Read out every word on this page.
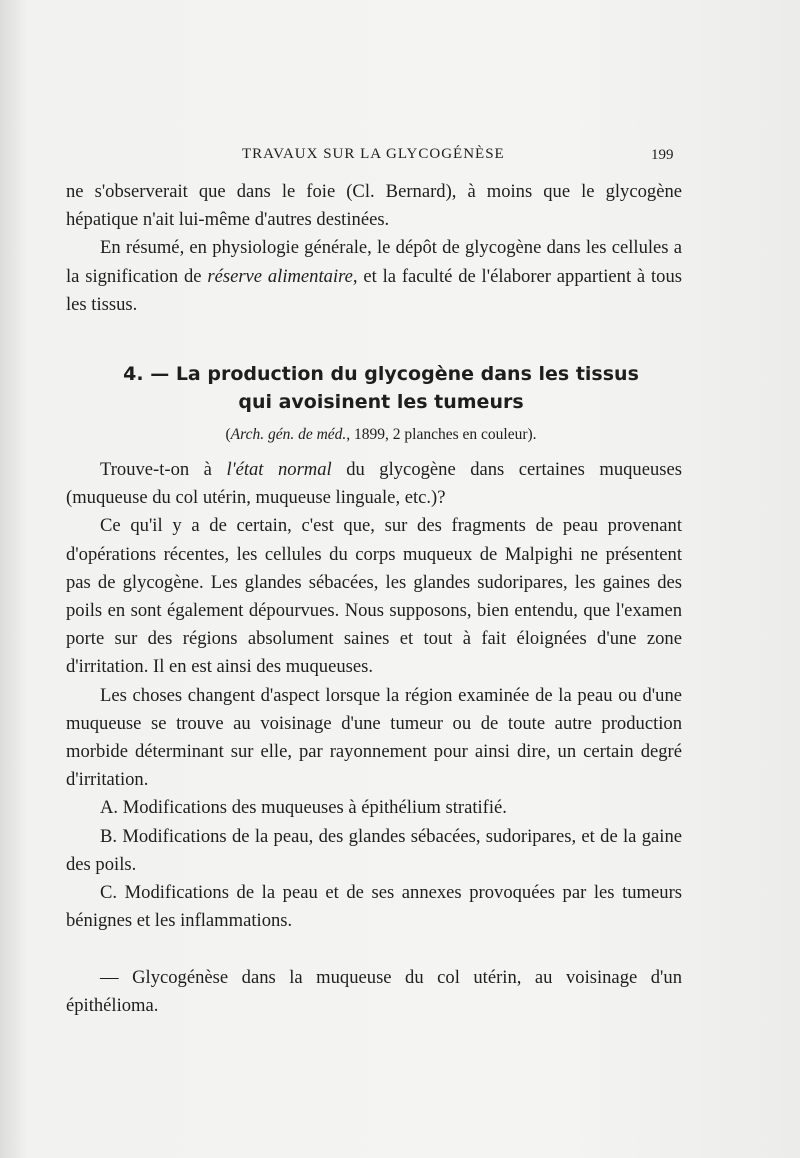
TRAVAUX SUR LA GLYCOGÉNÈSE	199

ne s'observerait que dans le foie (Cl. Bernard), à moins que le glycogène hépatique n'ait lui-même d'autres destinées.

En résumé, en physiologie générale, le dépôt de glycogène dans les cellules a la signification de réserve alimentaire, et la faculté de l'élaborer appartient à tous les tissus.

4. — La production du glycogène dans les tissus
qui avoisinent les tumeurs
(Arch. gén. de méd., 1899, 2 planches en couleur).

Trouve-t-on à l'état normal du glycogène dans certaines muqueuses (muqueuse du col utérin, muqueuse linguale, etc.)?

Ce qu'il y a de certain, c'est que, sur des fragments de peau provenant d'opérations récentes, les cellules du corps muqueux de Malpighi ne présentent pas de glycogène. Les glandes sébacées, les glandes sudoripares, les gaines des poils en sont également dépourvues. Nous supposons, bien entendu, que l'examen porte sur des régions absolument saines et tout à fait éloignées d'une zone d'irritation. Il en est ainsi des muqueuses.

Les choses changent d'aspect lorsque la région examinée de la peau ou d'une muqueuse se trouve au voisinage d'une tumeur ou de toute autre production morbide déterminant sur elle, par rayonnement pour ainsi dire, un certain degré d'irritation.

A. Modifications des muqueuses à épithélium stratifié.

B. Modifications de la peau, des glandes sébacées, sudoripares, et de la gaine des poils.

C. Modifications de la peau et de ses annexes provoquées par les tumeurs bénignes et les inflammations.

— Glycogénèse dans la muqueuse du col utérin, au voisinage d'un épithélioma.
